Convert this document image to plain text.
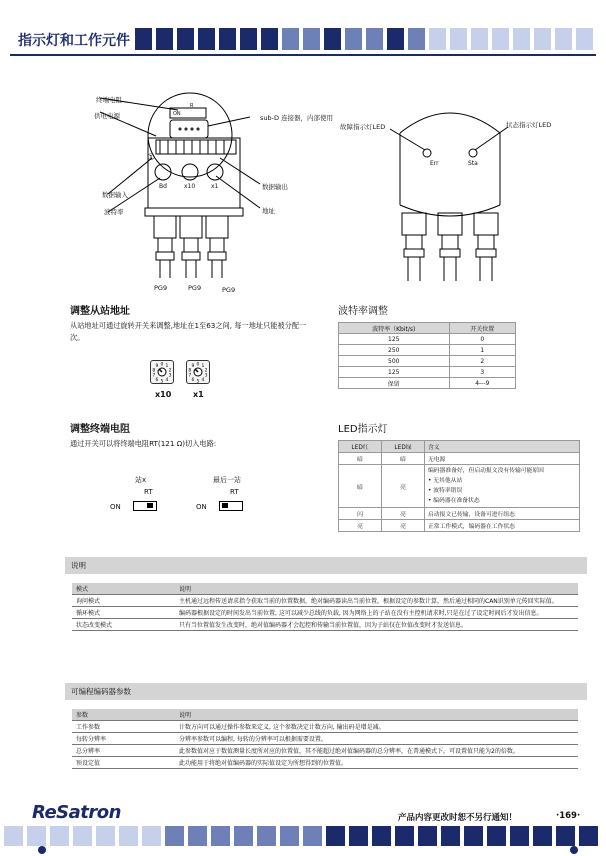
指示灯和工作元件
终端电阻
供电电源	sub-D 连接器，内部使用
数据输入
波特率
数据输出
地址
ON
R
①
Bd	x10	x1
PG9	PG9	PG9
故障指示灯LED	状态指示灯LED
Err	Sta
调整从站地址
从站地址可通过旋转开关来调整,地址在1至63之间, 每一地址只能被分配一次。
0 1
2
3
4
5
6
7
8
9	0 1
2
3
4
5
6
7
8
9
x10	x1
波特率调整
波特率（Kbit/s)	开关位置
125	0
250	1
500	2
125	3
保留	4---9
调整终端电阻
通过开关可以将终端电阻RT(121 Ω)切入电路:
站x
RT
ON
最后一站
RT
ON
LED指示灯
LED红	LED绿	含义
暗	暗	无电源
暗	亮	编码器准备好，但启动报文没有传输可能原因
• 无其他从站
• 波特率错误
• 编码器在准备状态
闪	亮	启动报文已传输，设备可进行组态
亮	亮	正常工作模式，编码器在工作状态
说明
模式	说明
询问模式	主机通过远程传送请求指令获取当前的位置数据，绝对编码器读出当前位置，根据设定的参数计算，然后通过相同的CAN识别单元传回实际值。
循环模式	编码器根据设定的时间发出当前位置, 这可以减少总线的负载, 因为网络上的子站在没有主控机请求时,只是在过了设定时间后才发出信息。
状态改变模式	只有当位置值发生改变时，绝对值编码器才会起控和传输当前位置值，因为子站仅在位值改变时才发送信息。
可编程编码器参数
参数	说明
工作参数	计数方向可以通过操作参数来定义, 这个参数决定计数方向, 输出码是增是减。
每转分辨率	分辨率参数可以编程, 每转的分辨率可以根据需要设置。
总分辨率	此参数值对应于数值测量长度所对应的位置值，其不能超过绝对值编码器的总分辨率，在普通模式下，可设置值只能为2的倍数。
预设定值	此功能用于将绝对值编码器的实际值设定为所想得到的位置值。
ReSatron	产品内容更改时恕不另行通知！	·169·
